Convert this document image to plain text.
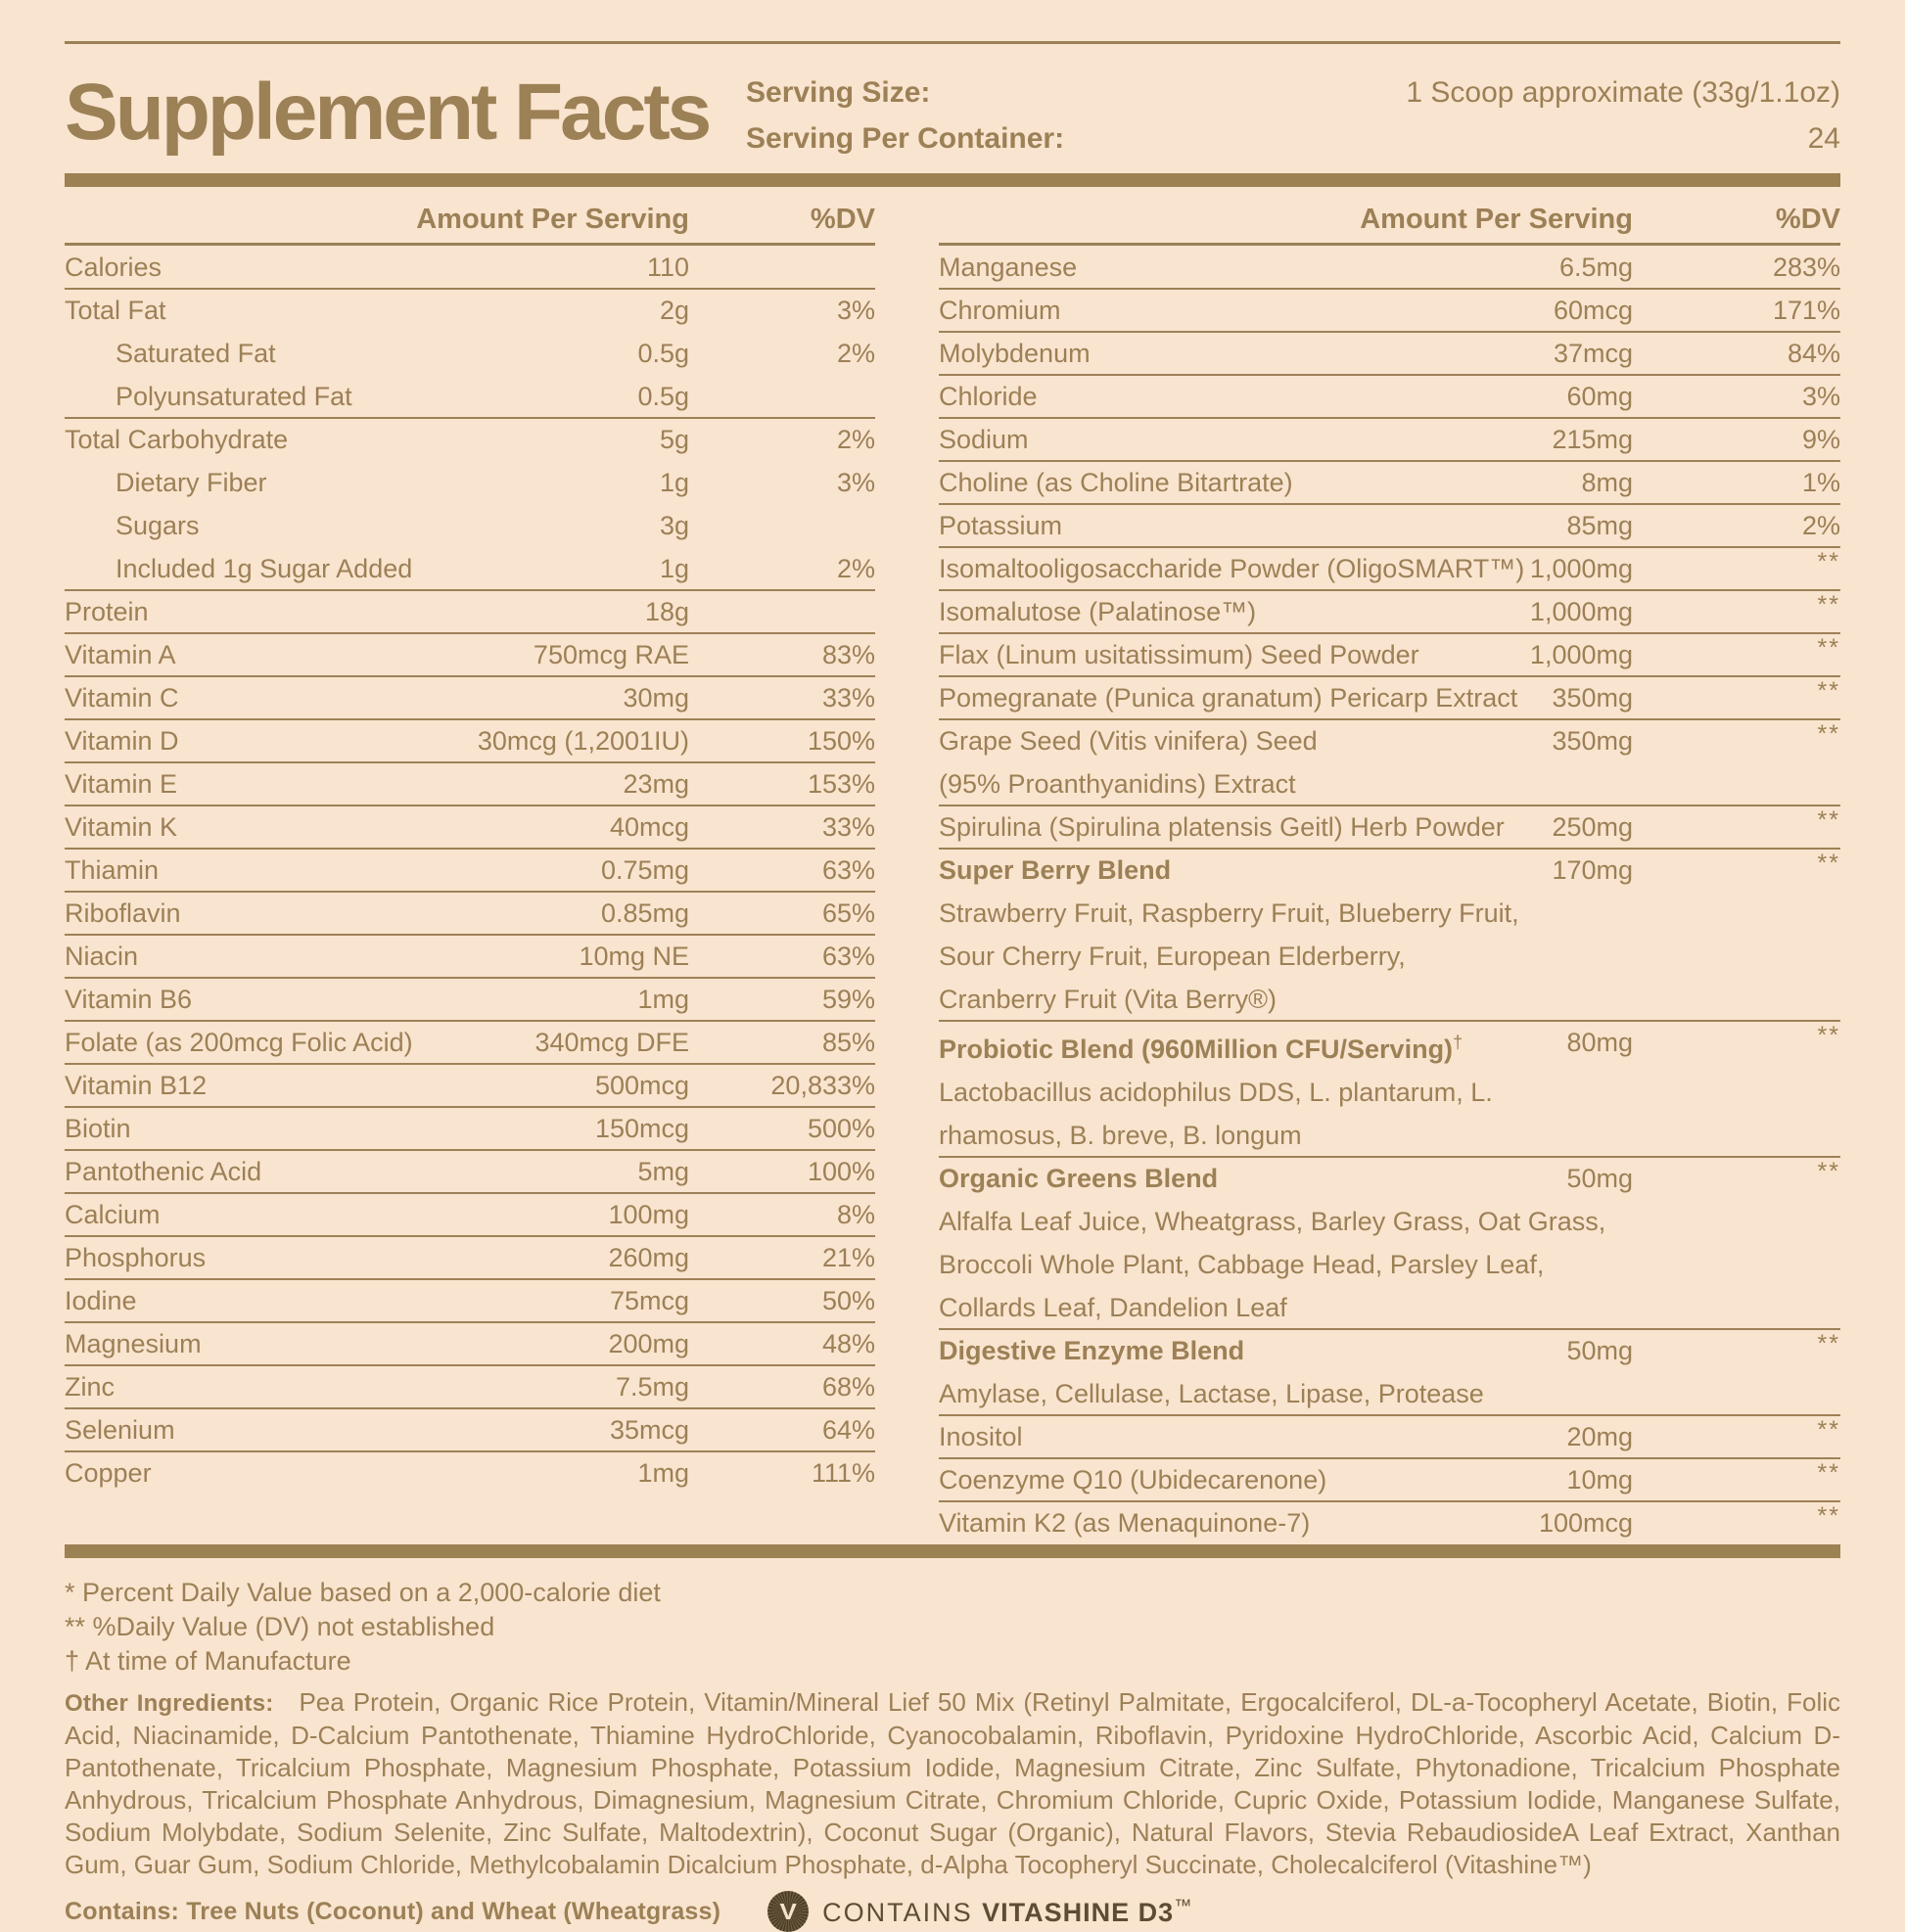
Supplement Facts Serving Size:	1 Scoop approximate (33g/1.1oz)
Serving Per Container:	24
Amount Per Serving	%DV
Calories	110
Total Fat	2g	3%
Saturated Fat	0.5g	2%
Polyunsaturated Fat	0.5g
Total Carbohydrate	5g	2%
Dietary Fiber	1g	3%
Sugars	3g
Included 1g Sugar Added	1g	2%
Protein	18g
Vitamin A	750mcg RAE	83%
Vitamin C	30mg	33%
Vitamin D	30mcg (1,2001IU)	150%
Vitamin E	23mg	153%
Vitamin K	40mcg	33%
Thiamin	0.75mg	63%
Riboflavin	0.85mg	65%
Niacin	10mg NE	63%
Vitamin B6	1mg	59%
Folate (as 200mcg Folic Acid)	340mcg DFE	85%
Vitamin B12	500mcg	20,833%
Biotin	150mcg	500%
Pantothenic Acid	5mg	100%
Calcium	100mg	8%
Phosphorus	260mg	21%
Iodine	75mcg	50%
Magnesium	200mg	48%
Zinc	7.5mg	68%
Selenium	35mcg	64%
Copper	1mg	111%
Amount Per Serving	%DV
Manganese	6.5mg	283%
Chromium	60mcg	171%
Molybdenum	37mcg	84%
Chloride	60mg	3%
Sodium	215mg	9%
Choline (as Choline Bitartrate)	8mg	1%
Potassium	85mg	2%
Isomaltooligosaccharide Powder (OligoSMART™) 1,000mg	**
Isomalutose (Palatinose™)	1,000mg	**
Flax (Linum usitatissimum) Seed Powder	1,000mg	**
Pomegranate (Punica granatum) Pericarp Extract	350mg	**
Grape Seed (Vitis vinifera) Seed
(95% Proanthyanidins) Extract
350mg	**
Spirulina (Spirulina platensis Geitl) Herb Powder	250mg	**
Super Berry Blend
Strawberry Fruit, Raspberry Fruit, Blueberry Fruit,
Sour Cherry Fruit, European Elderberry,
Cranberry Fruit (Vita Berry®)
170mg	**
Probiotic Blend (960Million CFU/Serving)†
Lactobacillus acidophilus DDS, L. plantarum, L.
rhamosus, B. breve, B. longum
80mg	**
Organic Greens Blend
Alfalfa Leaf Juice, Wheatgrass, Barley Grass, Oat Grass,
Broccoli Whole Plant, Cabbage Head, Parsley Leaf,
Collards Leaf, Dandelion Leaf
50mg	**
Digestive Enzyme Blend
Amylase, Cellulase, Lactase, Lipase, Protease
50mg	**
Inositol	20mg	**
Coenzyme Q10 (Ubidecarenone)	10mg	**
Vitamin K2 (as Menaquinone-7)	100mcg	**
* Percent Daily Value based on a 2,000-calorie diet
** %Daily Value (DV) not established
† At time of Manufacture
Other Ingredients: Pea Protein, Organic Rice Protein, Vitamin/Mineral Lief 50 Mix (Retinyl Palmitate, Ergocalciferol, DL-a-Tocopheryl Acetate, Biotin, Folic Acid, Niacinamide, D-Calcium Pantothenate, Thiamine HydroChloride, Cyanocobalamin, Riboflavin, Pyridoxine HydroChloride, Ascorbic Acid, Calcium D-Pantothenate, Tricalcium Phosphate, Magnesium Phosphate, Potassium Iodide, Magnesium Citrate, Zinc Sulfate, Phytonadione, Tricalcium Phosphate Anhydrous, Tricalcium Phosphate Anhydrous, Dimagnesium, Magnesium Citrate, Chromium Chloride, Cupric Oxide, Potassium Iodide, Manganese Sulfate, Sodium Molybdate, Sodium Selenite, Zinc Sulfate, Maltodextrin), Coconut Sugar (Organic), Natural Flavors, Stevia RebaudiosideA Leaf Extract, Xanthan Gum, Guar Gum, Sodium Chloride, Methylcobalamin Dicalcium Phosphate, d-Alpha Tocopheryl Succinate, Cholecalciferol (Vitashine™)
Contains: Tree Nuts (Coconut) and Wheat (Wheatgrass) V CONTAINS VITASHINE D3™
